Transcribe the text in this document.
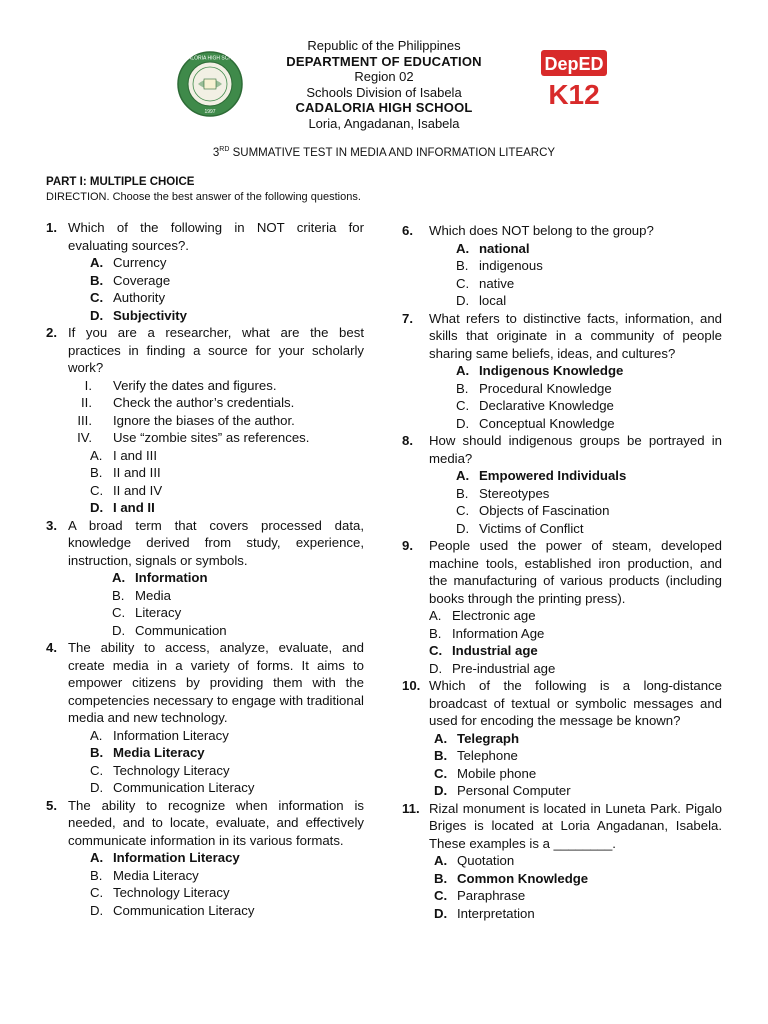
CADALORIA HIGH SCHOOL
1997
DepED
K12
Republic of the Philippines
DEPARTMENT OF EDUCATION
Region 02
Schools Division of Isabela
CADALORIA HIGH SCHOOL
Loria, Angadanan, Isabela
3RD SUMMATIVE TEST IN MEDIA AND INFORMATION LITEARCY
PART I: MULTIPLE CHOICE
DIRECTION. Choose the best answer of the following questions.
1. Which of the following in NOT criteria for evaluating sources?.
A. Currency
B. Coverage
C. Authority
D. Subjectivity
2. If you are a researcher, what are the best practices in finding a source for your scholarly work?
I. Verify the dates and figures.
II. Check the author’s credentials.
III. Ignore the biases of the author.
IV. Use “zombie sites” as references.
A. I and III
B. II and III
C. II and IV
D. I and II
3. A broad term that covers processed data, knowledge derived from study, experience, instruction, signals or symbols.
A. Information
B. Media
C. Literacy
D. Communication
4. The ability to access, analyze, evaluate, and create media in a variety of forms. It aims to empower citizens by providing them with the competencies necessary to engage with traditional media and new technology.
A. Information Literacy
B. Media Literacy
C. Technology Literacy
D. Communication Literacy
5. The ability to recognize when information is needed, and to locate, evaluate, and effectively communicate information in its various formats.
A. Information Literacy
B. Media Literacy
C. Technology Literacy
D. Communication Literacy
6. Which does NOT belong to the group?
A. national
B. indigenous
C. native
D. local
7. What refers to distinctive facts, information, and skills that originate in a community of people sharing same beliefs, ideas, and cultures?
A. Indigenous Knowledge
B. Procedural Knowledge
C. Declarative Knowledge
D. Conceptual Knowledge
8. How should indigenous groups be portrayed in media?
A. Empowered Individuals
B. Stereotypes
C. Objects of Fascination
D. Victims of Conflict
9. People used the power of steam, developed machine tools, established iron production, and the manufacturing of various products (including books through the printing press).
A. Electronic age
B. Information Age
C. Industrial age
D. Pre-industrial age
10. Which of the following is a long-distance broadcast of textual or symbolic messages and used for encoding the message be known?
A. Telegraph
B. Telephone
C. Mobile phone
D. Personal Computer
11. Rizal monument is located in Luneta Park. Pigalo Briges is located at Loria Angadanan, Isabela. These examples is a ________.
A. Quotation
B. Common Knowledge
C. Paraphrase
D. Interpretation
